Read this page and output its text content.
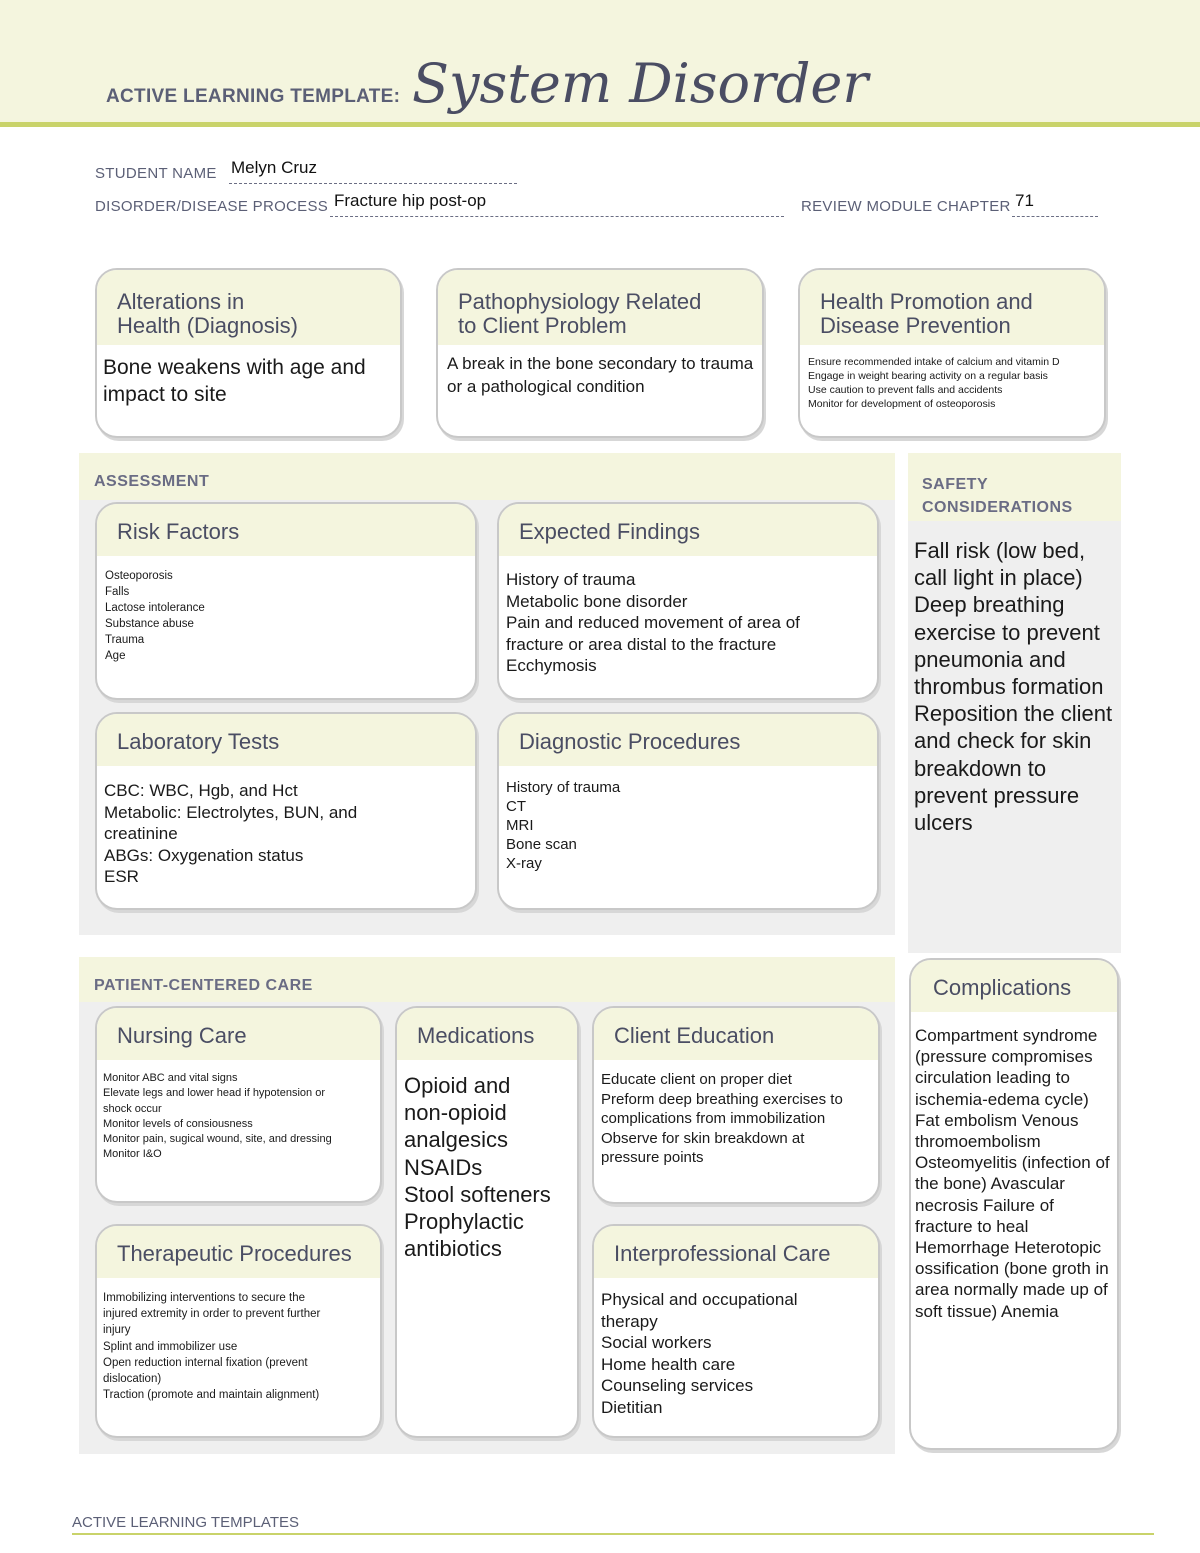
ACTIVE LEARNING TEMPLATE: System Disorder
STUDENT NAME Melyn Cruz
DISORDER/DISEASE PROCESS Fracture hip post-op	REVIEW MODULE CHAPTER 71
Alterations in
Health (Diagnosis)
Bone weakens with age and impact to site
Pathophysiology Related
to Client Problem
A break in the bone secondary to trauma or a pathological condition
Health Promotion and
Disease Prevention
Ensure recommended intake of calcium and vitamin D
Engage in weight bearing activity on a regular basis
Use caution to prevent falls and accidents
Monitor for development of osteoporosis
ASSESSMENT
Risk Factors
Osteoporosis
Falls
Lactose intolerance
Substance abuse
Trauma
Age
Expected Findings
History of trauma
Metabolic bone disorder
Pain and reduced movement of area of
fracture or area distal to the fracture
Ecchymosis
Laboratory Tests
CBC: WBC, Hgb, and Hct
Metabolic: Electrolytes, BUN, and
creatinine
ABGs: Oxygenation status
ESR
Diagnostic Procedures
History of trauma
CT
MRI
Bone scan
X-ray
SAFETY
CONSIDERATIONS
Fall risk (low bed, call light in place) Deep breathing exercise to prevent pneumonia and thrombus formation Reposition the client and check for skin breakdown to prevent pressure ulcers
PATIENT-CENTERED CARE
Nursing Care
Monitor ABC and vital signs
Elevate legs and lower head if hypotension or
shock occur
Monitor levels of consiousness
Monitor pain, sugical wound, site, and dressing
Monitor I&O
Medications
Opioid and
non-opioid
analgesics
NSAIDs
Stool softeners
Prophylactic
antibiotics
Client Education
Educate client on proper diet
Preform deep breathing exercises to
complications from immobilization
Observe for skin breakdown at
pressure points
Therapeutic Procedures
Immobilizing interventions to secure the
injured extremity in order to prevent further
injury
Splint and immobilizer use
Open reduction internal fixation (prevent
dislocation)
Traction (promote and maintain alignment)
Interprofessional Care
Physical and occupational
therapy
Social workers
Home health care
Counseling services
Dietitian
Complications
Compartment syndrome (pressure compromises circulation leading to ischemia-edema cycle) Fat embolism Venous thromoembolism Osteomyelitis (infection of the bone) Avascular necrosis Failure of fracture to heal Hemorrhage Heterotopic ossification (bone groth in area normally made up of soft tissue) Anemia
ACTIVE LEARNING TEMPLATES
